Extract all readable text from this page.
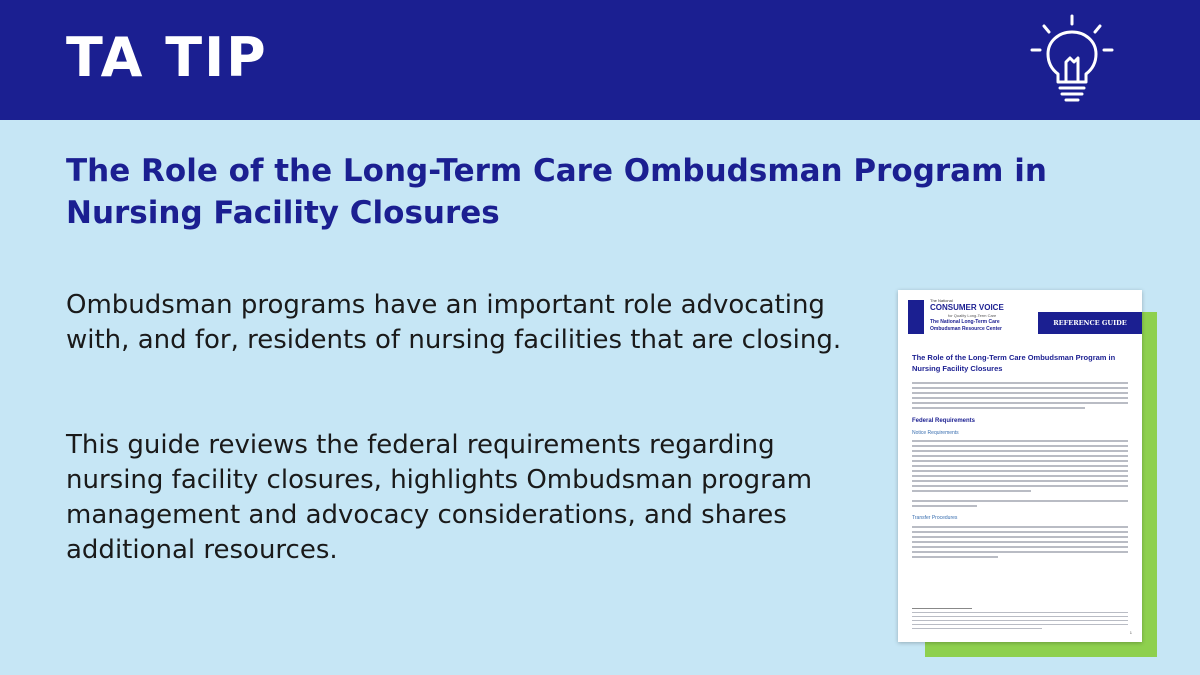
TA TIP
The Role of the Long-Term Care Ombudsman Program in Nursing Facility Closures

Ombudsman programs have an important role advocating with, and for, residents of nursing facilities that are closing.

This guide reviews the federal requirements regarding nursing facility closures, highlights Ombudsman program management and advocacy considerations, and shares additional resources.

The National
CONSUMER VOICE
for Quality Long-Term Care
The National Long-Term Care Ombudsman Resource Center
REFERENCE GUIDE
The Role of the Long-Term Care Ombudsman Program in Nursing Facility Closures
Federal Requirements
Notice Requirements
Transfer Procedures
1
